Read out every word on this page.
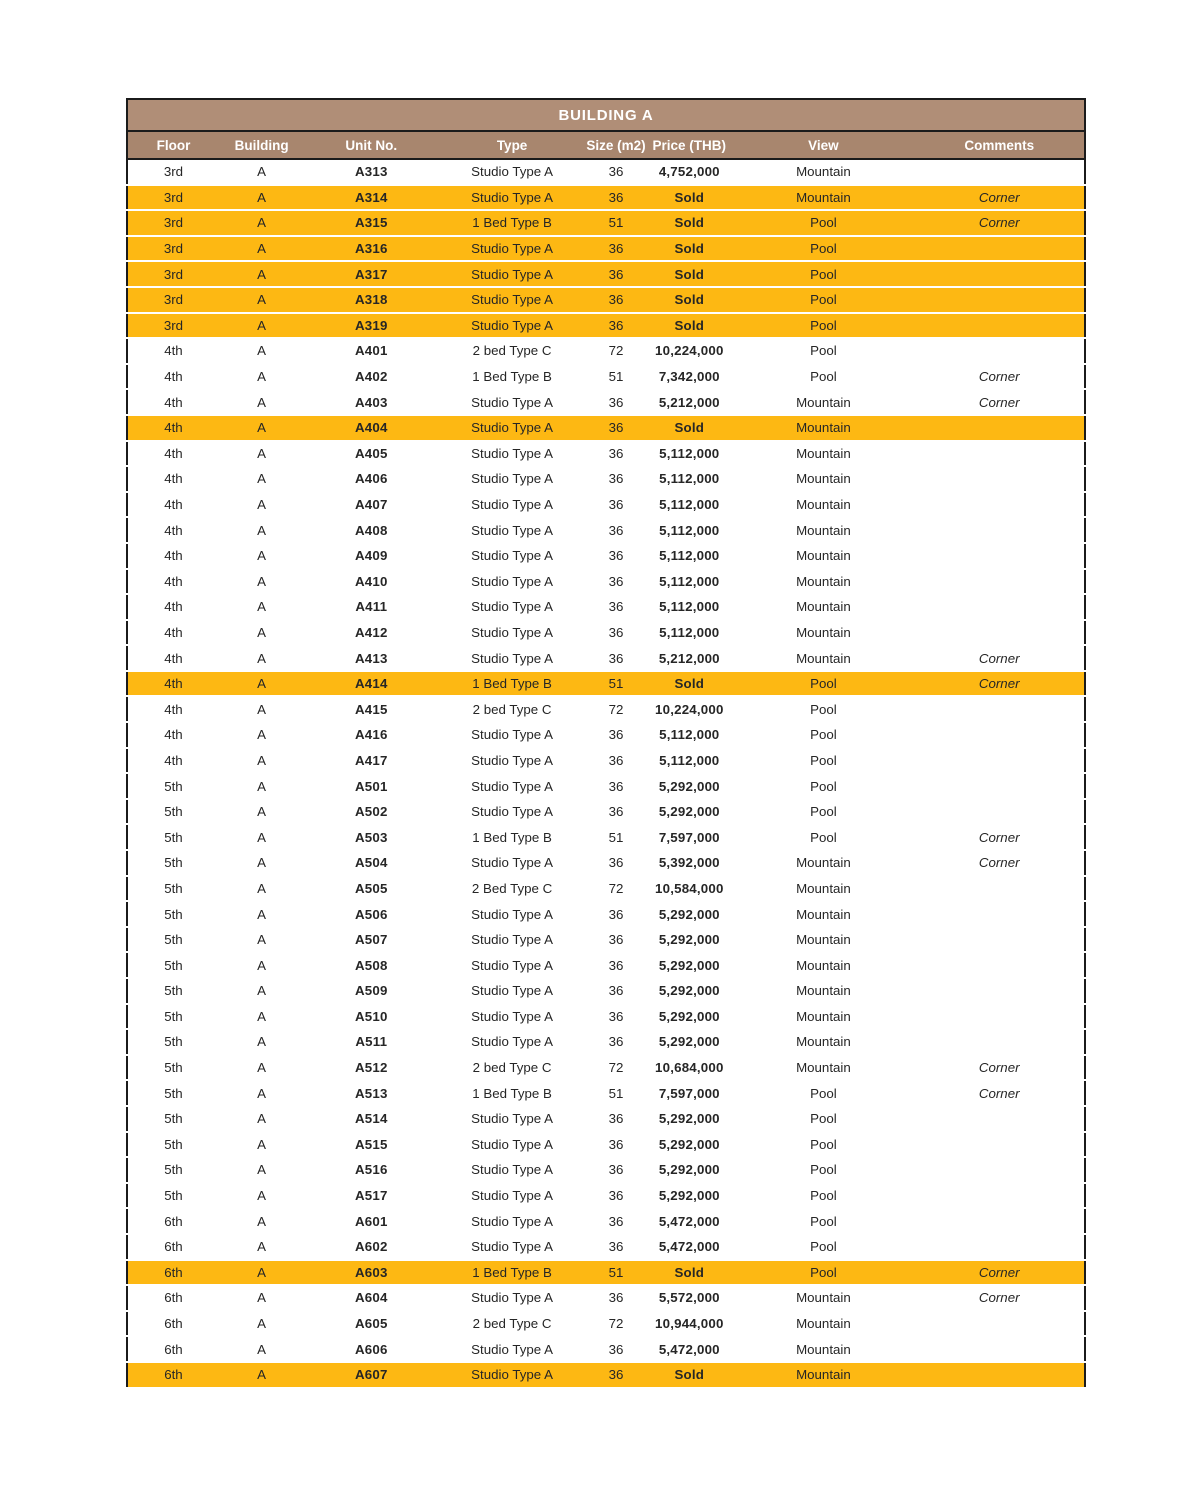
BUILDING A							
Floor	Building	Unit No.	Type	Size (m2)	Price (THB)	View	Comments
3rd	A	A313	Studio Type A	36	4,752,000	Mountain	
3rd	A	A314	Studio Type A	36	Sold	Mountain	Corner
3rd	A	A315	1 Bed Type B	51	Sold	Pool	Corner
3rd	A	A316	Studio Type A	36	Sold	Pool	
3rd	A	A317	Studio Type A	36	Sold	Pool	
3rd	A	A318	Studio Type A	36	Sold	Pool	
3rd	A	A319	Studio Type A	36	Sold	Pool	
4th	A	A401	2 bed Type C	72	10,224,000	Pool	
4th	A	A402	1 Bed Type B	51	7,342,000	Pool	Corner
4th	A	A403	Studio Type A	36	5,212,000	Mountain	Corner
4th	A	A404	Studio Type A	36	Sold	Mountain	
4th	A	A405	Studio Type A	36	5,112,000	Mountain	
4th	A	A406	Studio Type A	36	5,112,000	Mountain	
4th	A	A407	Studio Type A	36	5,112,000	Mountain	
4th	A	A408	Studio Type A	36	5,112,000	Mountain	
4th	A	A409	Studio Type A	36	5,112,000	Mountain	
4th	A	A410	Studio Type A	36	5,112,000	Mountain	
4th	A	A411	Studio Type A	36	5,112,000	Mountain	
4th	A	A412	Studio Type A	36	5,112,000	Mountain	
4th	A	A413	Studio Type A	36	5,212,000	Mountain	Corner
4th	A	A414	1 Bed Type B	51	Sold	Pool	Corner
4th	A	A415	2 bed Type C	72	10,224,000	Pool	
4th	A	A416	Studio Type A	36	5,112,000	Pool	
4th	A	A417	Studio Type A	36	5,112,000	Pool	
5th	A	A501	Studio Type A	36	5,292,000	Pool	
5th	A	A502	Studio Type A	36	5,292,000	Pool	
5th	A	A503	1 Bed Type B	51	7,597,000	Pool	Corner
5th	A	A504	Studio Type A	36	5,392,000	Mountain	Corner
5th	A	A505	2 Bed Type C	72	10,584,000	Mountain	
5th	A	A506	Studio Type A	36	5,292,000	Mountain	
5th	A	A507	Studio Type A	36	5,292,000	Mountain	
5th	A	A508	Studio Type A	36	5,292,000	Mountain	
5th	A	A509	Studio Type A	36	5,292,000	Mountain	
5th	A	A510	Studio Type A	36	5,292,000	Mountain	
5th	A	A511	Studio Type A	36	5,292,000	Mountain	
5th	A	A512	2 bed Type C	72	10,684,000	Mountain	Corner
5th	A	A513	1 Bed Type B	51	7,597,000	Pool	Corner
5th	A	A514	Studio Type A	36	5,292,000	Pool	
5th	A	A515	Studio Type A	36	5,292,000	Pool	
5th	A	A516	Studio Type A	36	5,292,000	Pool	
5th	A	A517	Studio Type A	36	5,292,000	Pool	
6th	A	A601	Studio Type A	36	5,472,000	Pool	
6th	A	A602	Studio Type A	36	5,472,000	Pool	
6th	A	A603	1 Bed Type B	51	Sold	Pool	Corner
6th	A	A604	Studio Type A	36	5,572,000	Mountain	Corner
6th	A	A605	2 bed Type C	72	10,944,000	Mountain	
6th	A	A606	Studio Type A	36	5,472,000	Mountain	
6th	A	A607	Studio Type A	36	Sold	Mountain	
